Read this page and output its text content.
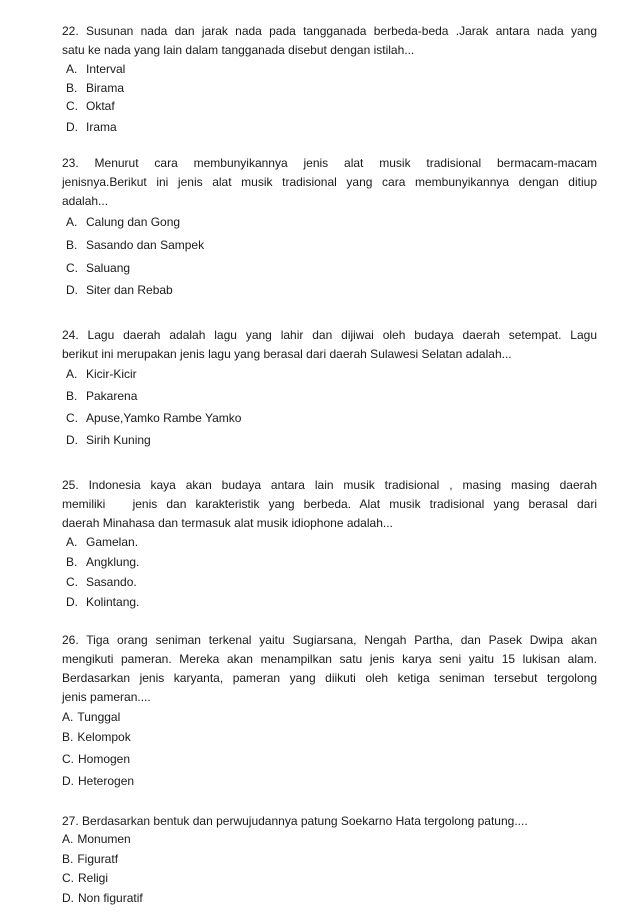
22. Susunan nada dan jarak nada pada tangganada berbeda-beda .Jarak antara nada yang
satu ke nada yang lain dalam tangganada disebut dengan istilah...

A. Interval
B. Birama
C. Oktaf
D. Irama

23. Menurut cara membunyikannya jenis alat musik tradisional bermacam-macam
jenisnya.Berikut ini jenis alat musik tradisional yang cara membunyikannya dengan ditiup
adalah...

A. Calung dan Gong
B. Sasando dan Sampek
C. Saluang
D. Siter dan Rebab

24. Lagu daerah adalah lagu yang lahir dan dijiwai oleh budaya daerah setempat. Lagu
berikut ini merupakan jenis lagu yang berasal dari daerah Sulawesi Selatan adalah...

A. Kicir-Kicir
B. Pakarena
C. Apuse,Yamko Rambe Yamko
D. Sirih Kuning

25. Indonesia kaya akan budaya antara lain musik tradisional , masing masing daerah
memiliki   jenis dan karakteristik yang berbeda. Alat musik tradisional yang berasal dari
daerah Minahasa dan termasuk alat musik idiophone adalah...

A. Gamelan.
B. Angklung.
C. Sasando.
D. Kolintang.

26. Tiga orang seniman terkenal yaitu Sugiarsana, Nengah Partha, dan Pasek Dwipa akan
mengikuti pameran. Mereka akan menampilkan satu jenis karya seni yaitu 15 lukisan alam.
Berdasarkan jenis karyanta, pameran yang diikuti oleh ketiga seniman tersebut tergolong
jenis pameran....

A. Tunggal
B. Kelompok
C. Homogen
D. Heterogen

27. Berdasarkan bentuk dan perwujudannya patung Soekarno Hata tergolong patung....

A. Monumen
B. Figuratf
C. Religi
D. Non figuratif
